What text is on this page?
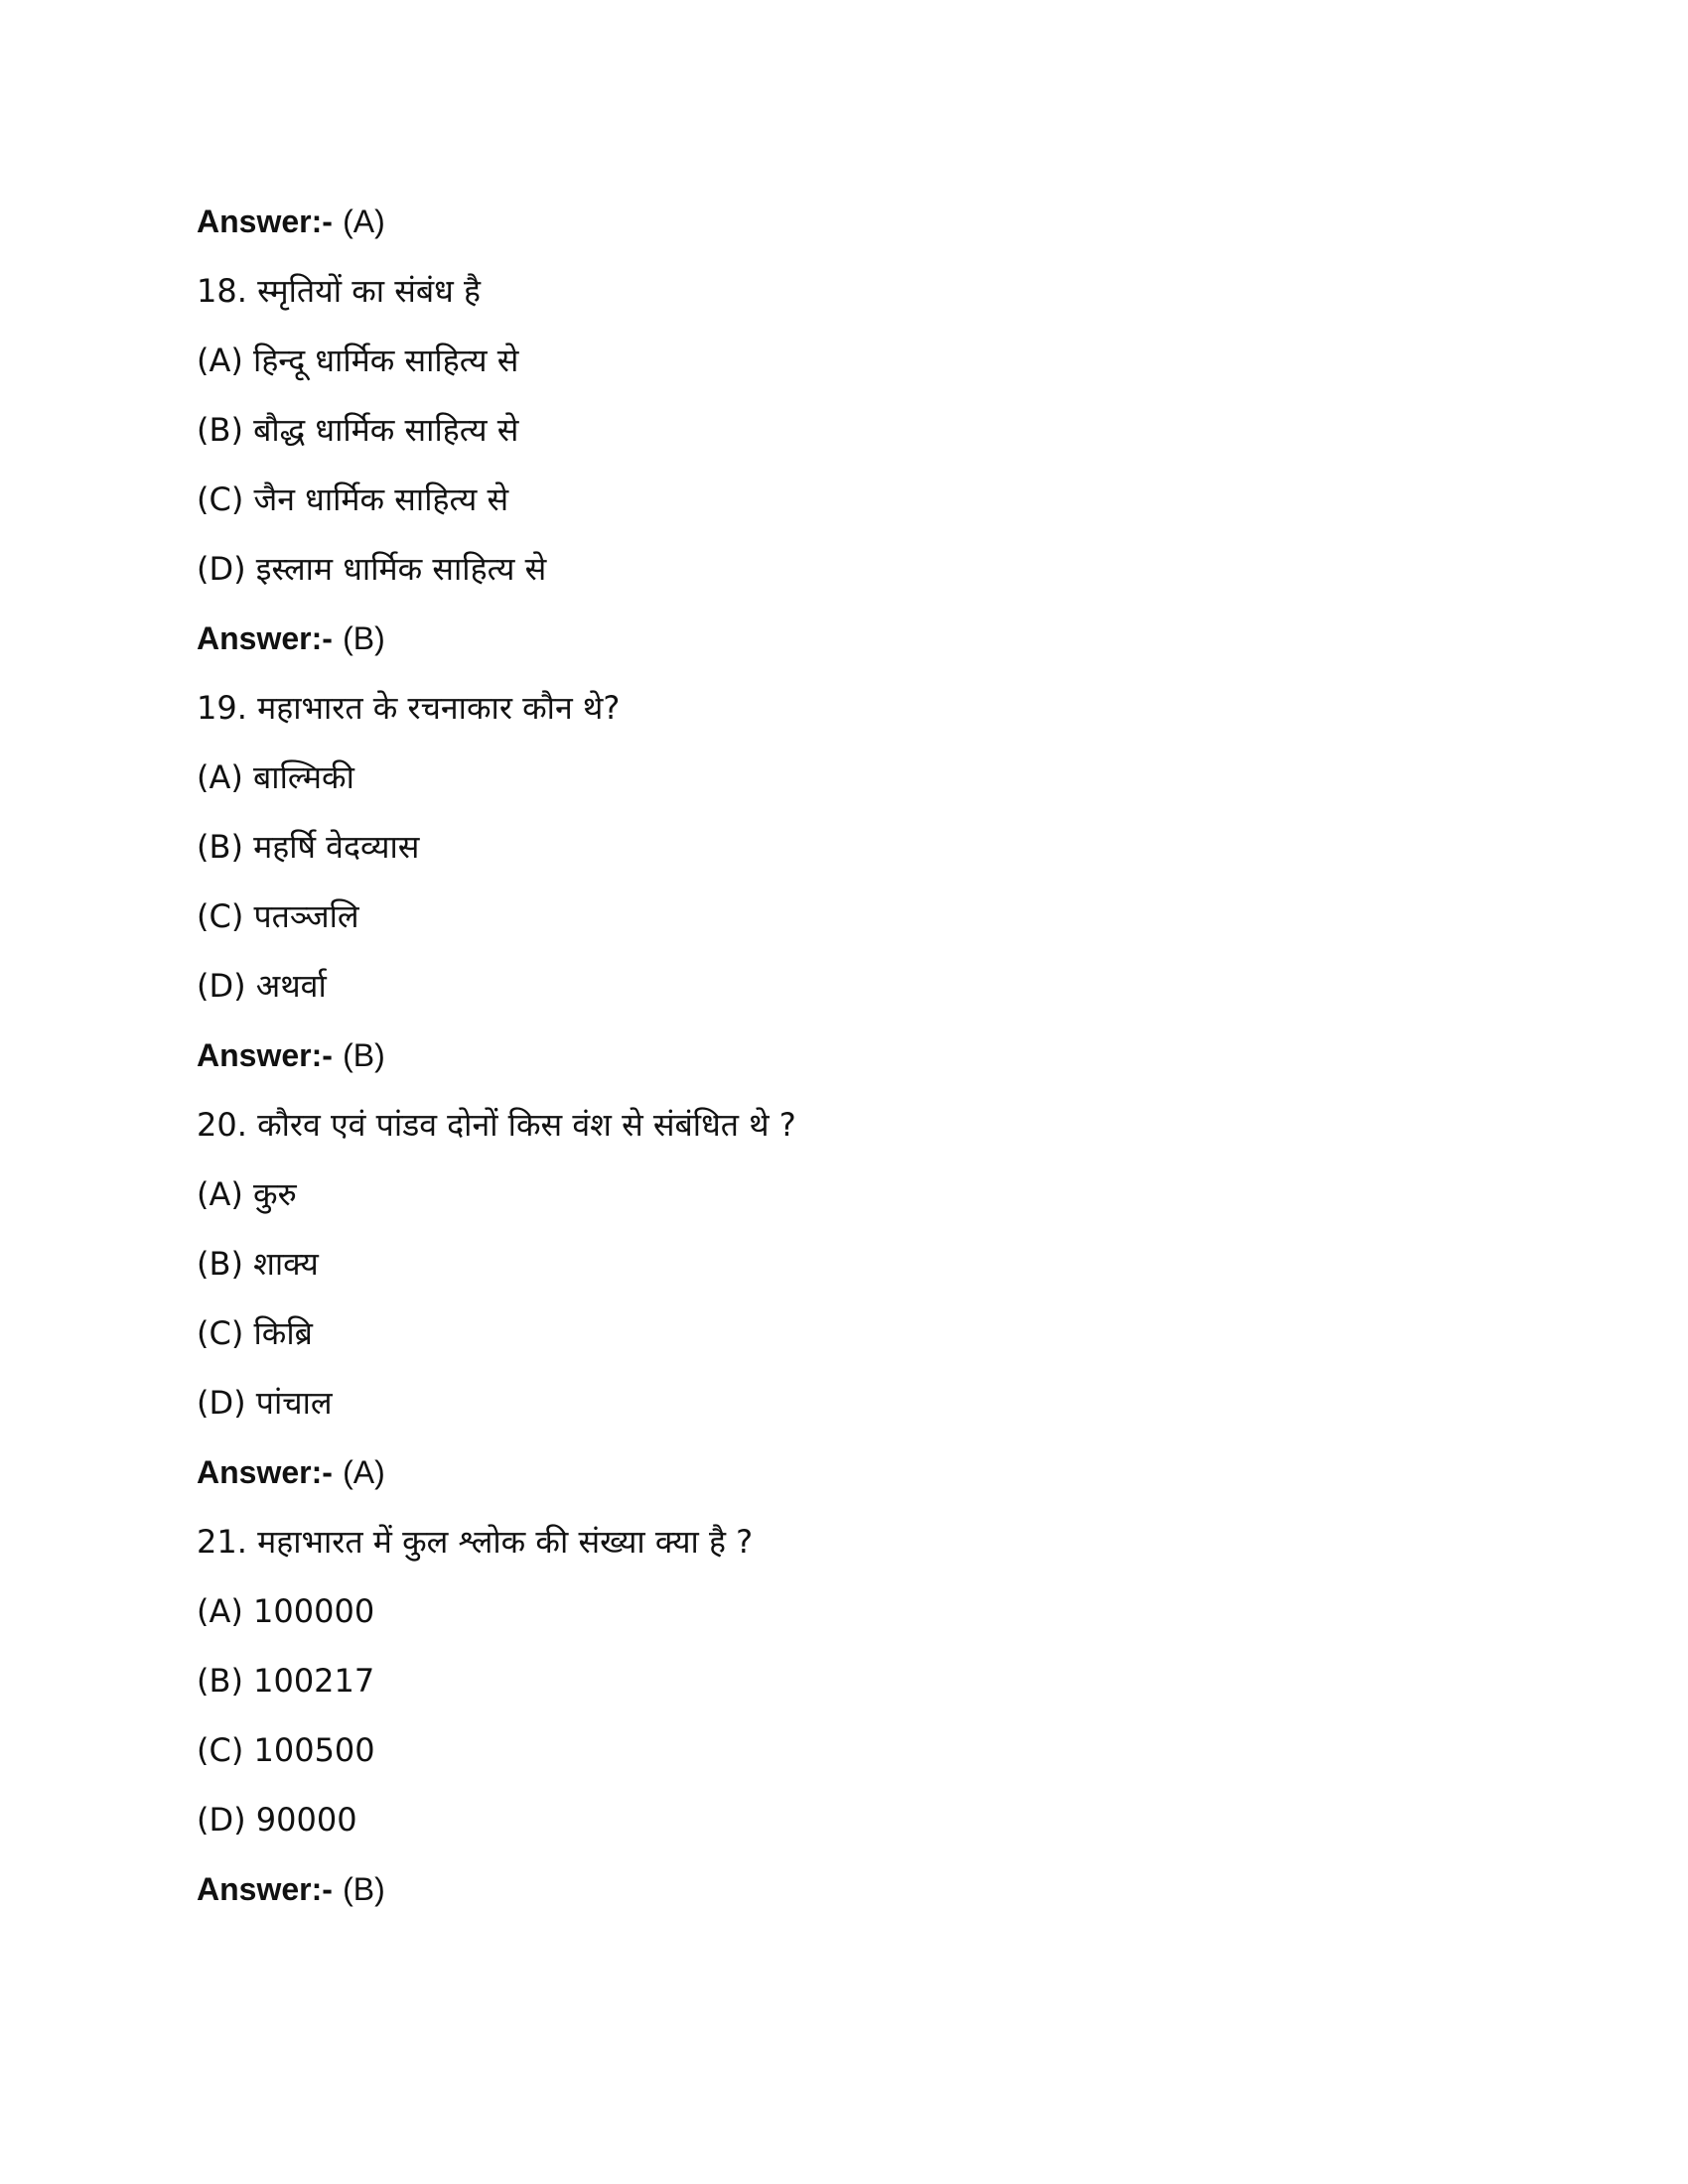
Answer:- (A)
18. स्मृतियों का संबंध है
(A) हिन्दू धार्मिक साहित्य से
(B) बौद्ध धार्मिक साहित्य से
(C) जैन धार्मिक साहित्य से
(D) इस्लाम धार्मिक साहित्य से
Answer:- (B)
19. महाभारत के रचनाकार कौन थे?
(A) बाल्मिकी
(B) महर्षि वेदव्यास
(C) पतञ्जलि
(D) अथर्वा
Answer:- (B)
20. कौरव एवं पांडव दोनों किस वंश से संबंधित थे ?
(A) कुरु
(B) शाक्य
(C) किब्रि
(D) पांचाल
Answer:- (A)
21. महाभारत में कुल श्लोक की संख्या क्या है ?
(A) 100000
(B) 100217
(C) 100500
(D) 90000
Answer:- (B)
